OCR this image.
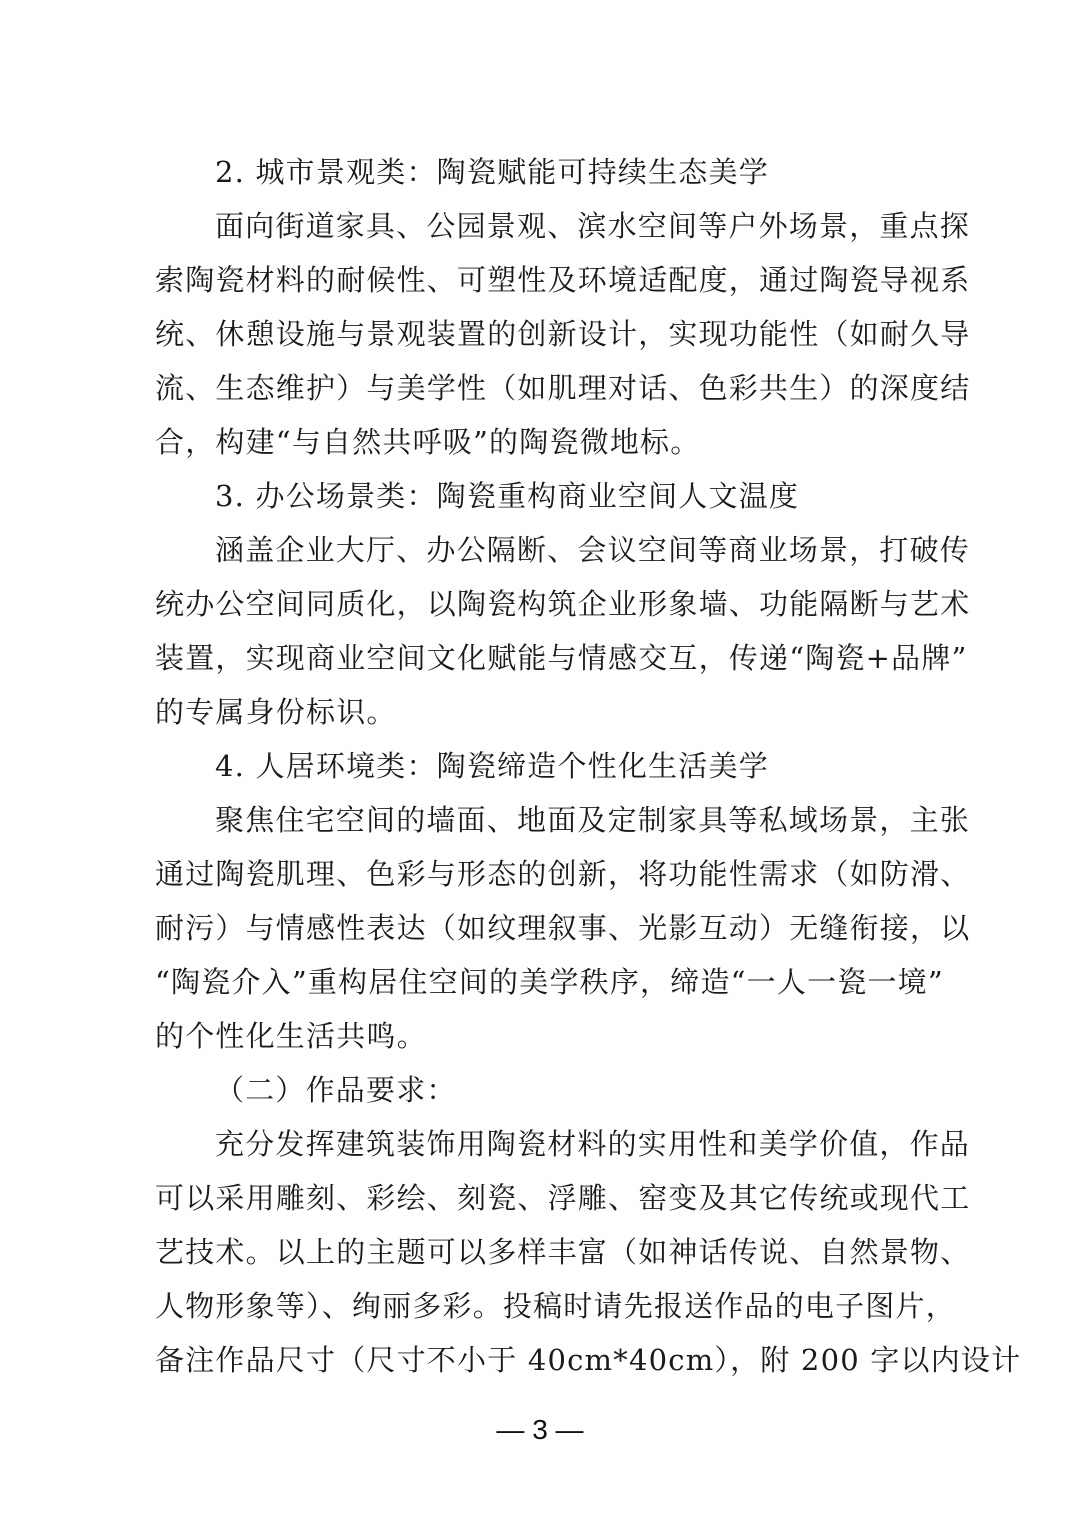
2. 城市景观类：陶瓷赋能可持续生态美学
面向街道家具、公园景观、滨水空间等户外场景，重点探
索陶瓷材料的耐候性、可塑性及环境适配度，通过陶瓷导视系
统、休憩设施与景观装置的创新设计，实现功能性（如耐久导
流、生态维护）与美学性（如肌理对话、色彩共生）的深度结
合，构建“与自然共呼吸”的陶瓷微地标。
3. 办公场景类：陶瓷重构商业空间人文温度
涵盖企业大厅、办公隔断、会议空间等商业场景，打破传
统办公空间同质化，以陶瓷构筑企业形象墙、功能隔断与艺术
装置，实现商业空间文化赋能与情感交互，传递“陶瓷+品牌”
的专属身份标识。
4. 人居环境类：陶瓷缔造个性化生活美学
聚焦住宅空间的墙面、地面及定制家具等私域场景，主张
通过陶瓷肌理、色彩与形态的创新，将功能性需求（如防滑、
耐污）与情感性表达（如纹理叙事、光影互动）无缝衔接，以
“陶瓷介入”重构居住空间的美学秩序，缔造“一人一瓷一境”
的个性化生活共鸣。
（二）作品要求：
充分发挥建筑装饰用陶瓷材料的实用性和美学价值，作品
可以采用雕刻、彩绘、刻瓷、浮雕、窑变及其它传统或现代工
艺技术。以上的主题可以多样丰富（如神话传说、自然景物、
人物形象等）、绚丽多彩。投稿时请先报送作品的电子图片，
备注作品尺寸（尺寸不小于 40cm*40cm），附 200 字以内设计
— 3 —
